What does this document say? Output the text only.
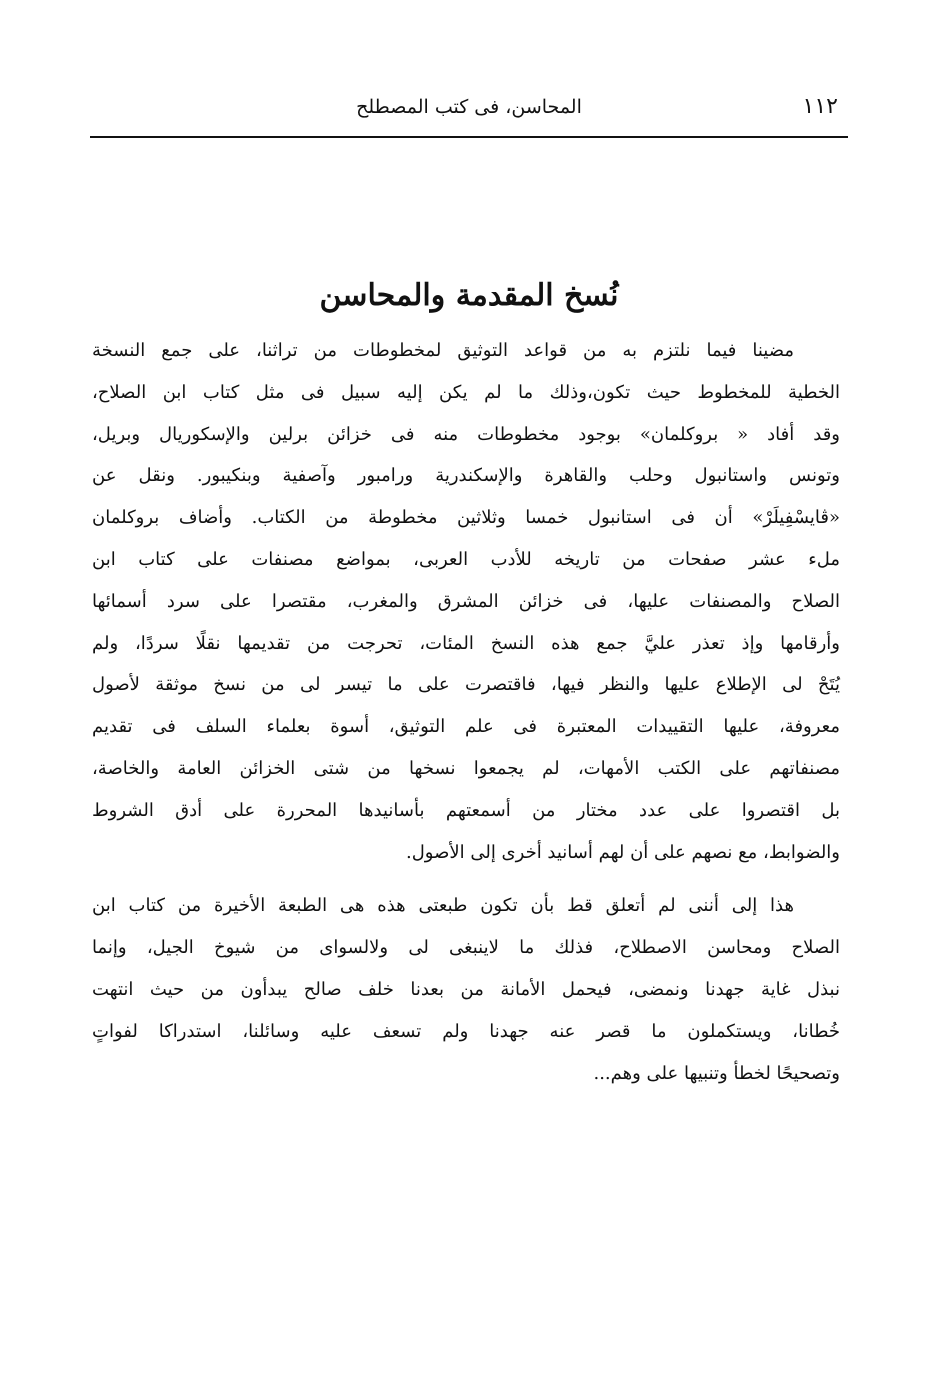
١١٢
المحاسن، فى كتب المصطلح
نُسخ المقدمة والمحاسن

مضينا فيما نلتزم به من قواعد التوثيق لمخطوطات من تراثنا، على جمع النسخة
الخطية للمخطوط حيث تكون،وذلك ما لم يكن إليه سبيل فى مثل كتاب ابن الصلاح،
وقد أفاد « بروكلمان» بوجود مخطوطات منه فى خزائن برلين والإسكوريال وبريل،
وتونس واستانبول وحلب والقاهرة والإسكندرية ورامبور وآصفية وبنكيبور. ونقل عن
«ڤايسْفِيلَرْ» أن فى استانبول خمسا وثلاثين مخطوطة من الكتاب. وأضاف بروكلمان
ملء عشر صفحات من تاريخه للأدب العربى، بمواضع مصنفات على كتاب ابن
الصلاح والمصنفات عليها، فى خزائن المشرق والمغرب، مقتصرا على سرد أسمائها
وأرقامها وإذ تعذر عليَّ جمع هذه النسخ المئات، تحرجت من تقديمها نقلًا سردًا، ولم
يُتَحْ لى الإطلاع عليها والنظر فيها، فاقتصرت على ما تيسر لى من نسخ موثقة لأصول
معروفة، عليها التقييدات المعتبرة فى علم التوثيق، أسوة بعلماء السلف فى تقديم
مصنفاتهم على الكتب الأمهات، لم يجمعوا نسخها من شتى الخزائن العامة والخاصة،
بل اقتصروا على عدد مختار من أسمعتهم بأسانيدها المحررة على أدق الشروط
والضوابط، مع نصهم على أن لهم أسانيد أخرى إلى الأصول.

هذا إلى أننى لم أتعلق قط بأن تكون طبعتى هذه هى الطبعة الأخيرة من كتاب ابن
الصلاح ومحاسن الاصطلاح، فذلك ما لاينبغى لى ولالسواى من شيوخ الجيل، وإنما
نبذل غاية جهدنا ونمضى، فيحمل الأمانة من بعدنا خلف صالح يبدأون من حيث انتهت
خُطانا، ويستكملون ما قصر عنه جهدنا ولم تسعف عليه وسائلنا، استدراكا لفواتٍ
وتصحيحًا لخطأ وتنبيها على وهم...
